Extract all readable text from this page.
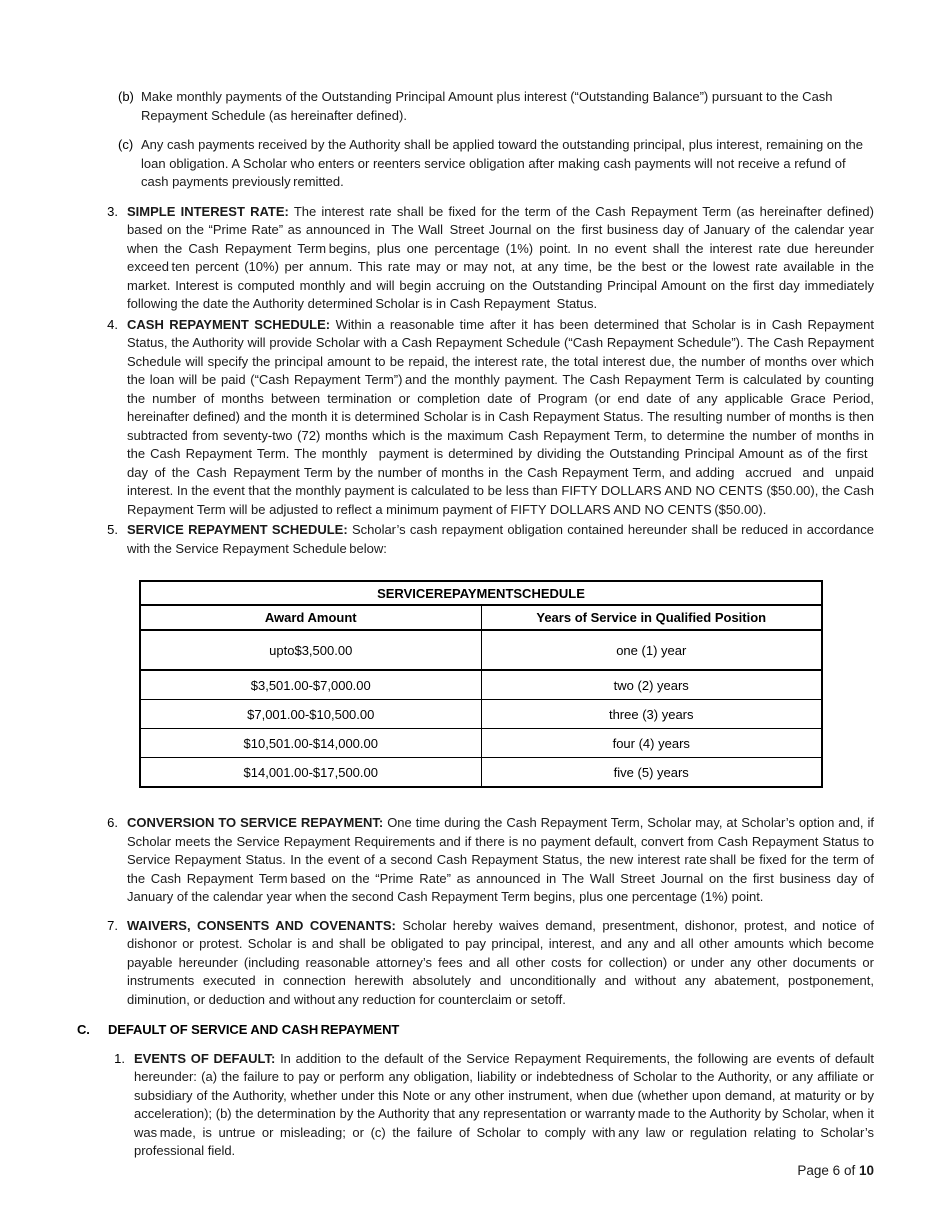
(b) Make monthly payments of the Outstanding Principal Amount plus interest (“Outstanding Balance”) pursuant to the Cash Repayment Schedule (as hereinafter defined).
(c) Any cash payments received by the Authority shall be applied toward the outstanding principal, plus interest, remaining on the loan obligation. A Scholar who enters or reenters service obligation after making cash payments will not receive a refund of cash payments previously remitted.
3. SIMPLE INTEREST RATE: The interest rate shall be fixed for the term of the Cash Repayment Term (as hereinafter defined) based on the “Prime Rate” as announced in The Wall Street Journal on the first business day of January of the calendar year when the Cash Repayment Term begins, plus one percentage (1%) point. In no event shall the interest rate due hereunder exceed ten percent (10%) per annum. This rate may or may not, at any time, be the best or the lowest rate available in the market. Interest is computed monthly and will begin accruing on the Outstanding Principal Amount on the first day immediately following the date the Authority determined Scholar is in Cash Repayment Status.

4. CASH REPAYMENT SCHEDULE: Within a reasonable time after it has been determined that Scholar is in Cash Repayment Status, the Authority will provide Scholar with a Cash Repayment Schedule (“Cash Repayment Schedule”). The Cash Repayment Schedule will specify the principal amount to be repaid, the interest rate, the total interest due, the number of months over which the loan will be paid (“Cash Repayment Term”) and the monthly payment. The Cash Repayment Term is calculated by counting the number of months between termination or completion date of Program (or end date of any applicable Grace Period, hereinafter defined) and the month it is determined Scholar is in Cash Repayment Status. The resulting number of months is then subtracted from seventy-two (72) months which is the maximum Cash Repayment Term, to determine the number of months in the Cash Repayment Term. The monthly  payment is determined by dividing the Outstanding Principal Amount as of the first day of the Cash Repayment Term by the number of months in the Cash Repayment Term, and adding  accrued  and  unpaid interest. In the event that the monthly payment is calculated to be less than FIFTY DOLLARS AND NO CENTS ($50.00), the Cash Repayment Term will be adjusted to reflect a minimum payment of FIFTY DOLLARS AND NO CENTS ($50.00).

5. SERVICE REPAYMENT SCHEDULE: Scholar’s cash repayment obligation contained hereunder shall be reduced in accordance with the Service Repayment Schedule below:

SERVICEREPAYMENTSCHEDULE	
Award Amount	Years of Service in Qualified Position
upto$3,500.00	one (1) year
$3,501.00-$7,000.00	two (2) years
$7,001.00-$10,500.00	three (3) years
$10,501.00-$14,000.00	four (4) years
$14,001.00-$17,500.00	five (5) years
6. CONVERSION TO SERVICE REPAYMENT: One time during the Cash Repayment Term, Scholar may, at Scholar’s option and, if Scholar meets the Service Repayment Requirements and if there is no payment default, convert from Cash Repayment Status to Service Repayment Status. In the event of a second Cash Repayment Status, the new interest rate shall be fixed for the term of the Cash Repayment Term based on the “Prime Rate” as announced in The Wall Street Journal on the first business day of January of the calendar year when the second Cash Repayment Term begins, plus one percentage (1%) point.

7. WAIVERS, CONSENTS AND COVENANTS: Scholar hereby waives demand, presentment, dishonor, protest, and notice of dishonor or protest. Scholar is and shall be obligated to pay principal, interest, and any and all other amounts which become payable hereunder (including reasonable attorney’s fees and all other costs for collection) or under any other documents or instruments executed in connection herewith absolutely and unconditionally and without any abatement, postponement, diminution, or deduction and without any reduction for counterclaim or setoff.

C. DEFAULT OF SERVICE AND CASH REPAYMENT
1. EVENTS OF DEFAULT: In addition to the default of the Service Repayment Requirements, the following are events of default hereunder: (a) the failure to pay or perform any obligation, liability or indebtedness of Scholar to the Authority, or any affiliate or subsidiary of the Authority, whether under this Note or any other instrument, when due (whether upon demand, at maturity or by acceleration); (b) the determination by the Authority that any representation or warranty made to the Authority by Scholar, when it was made, is untrue or misleading; or (c) the failure of Scholar to comply with any law or regulation relating to Scholar’s professional field.

Page 6 of 10
